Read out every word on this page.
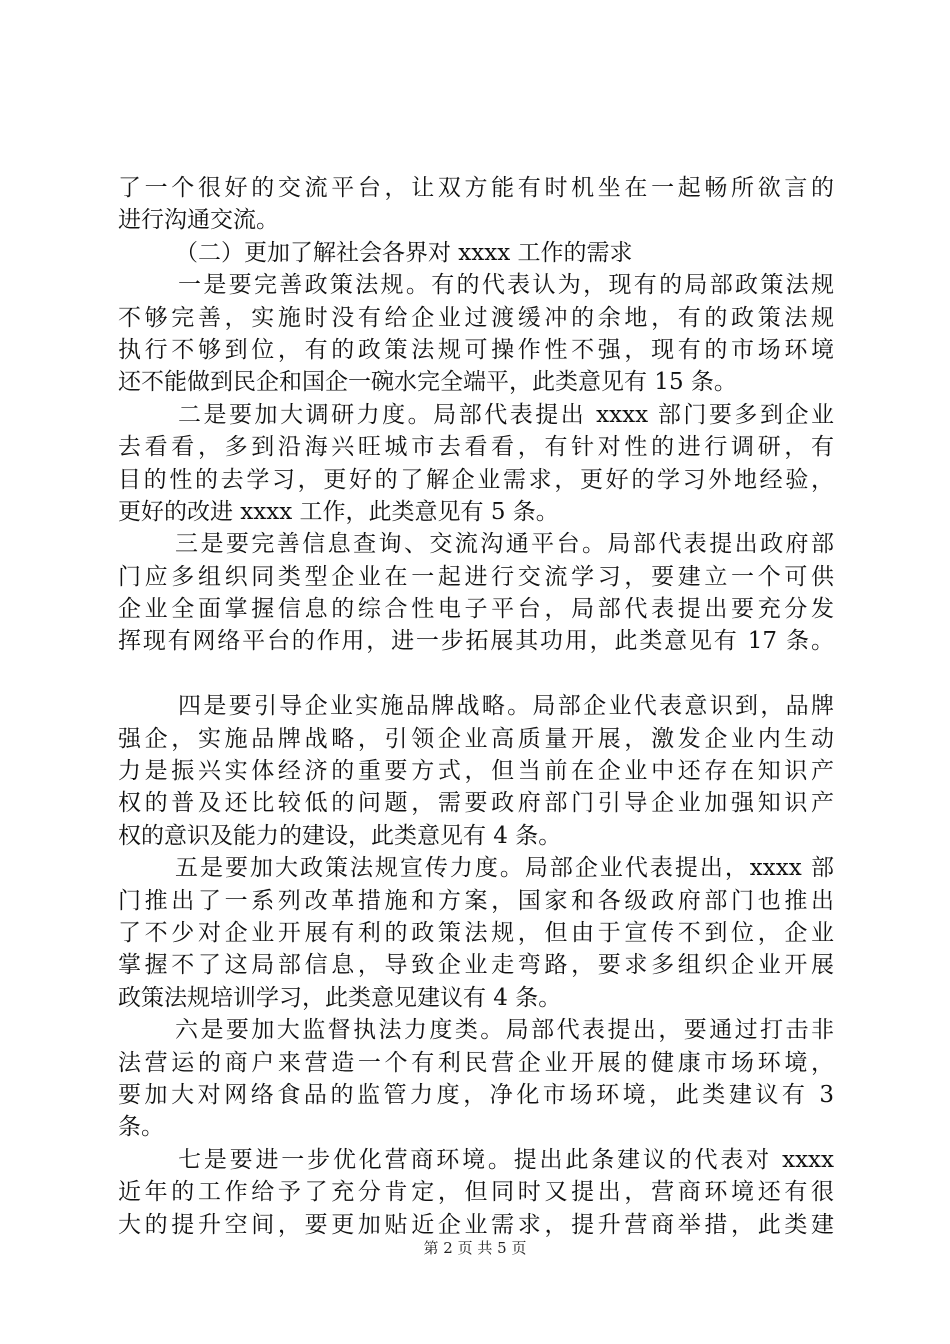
了一个很好的交流平台，让双方能有时机坐在一起畅所欲言的
进行沟通交流。
（二）更加了解社会各界对 xxxx 工作的需求
一是要完善政策法规。有的代表认为，现有的局部政策法规
不够完善，实施时没有给企业过渡缓冲的余地，有的政策法规
执行不够到位，有的政策法规可操作性不强，现有的市场环境
还不能做到民企和国企一碗水完全端平，此类意见有 15 条。
二是要加大调研力度。局部代表提出 xxxx 部门要多到企业
去看看，多到沿海兴旺城市去看看，有针对性的进行调研，有
目的性的去学习，更好的了解企业需求，更好的学习外地经验，
更好的改进 xxxx 工作，此类意见有 5 条。
三是要完善信息查询、交流沟通平台。局部代表提出政府部
门应多组织同类型企业在一起进行交流学习，要建立一个可供
企业全面掌握信息的综合性电子平台，局部代表提出要充分发
挥现有网络平台的作用，进一步拓展其功用，此类意见有 17 条。
四是要引导企业实施品牌战略。局部企业代表意识到，品牌
强企，实施品牌战略，引领企业高质量开展，激发企业内生动
力是振兴实体经济的重要方式，但当前在企业中还存在知识产
权的普及还比较低的问题，需要政府部门引导企业加强知识产
权的意识及能力的建设，此类意见有 4 条。
五是要加大政策法规宣传力度。局部企业代表提出，xxxx 部
门推出了一系列改革措施和方案，国家和各级政府部门也推出
了不少对企业开展有利的政策法规，但由于宣传不到位，企业
掌握不了这局部信息，导致企业走弯路，要求多组织企业开展
政策法规培训学习，此类意见建议有 4 条。
六是要加大监督执法力度类。局部代表提出，要通过打击非
法营运的商户来营造一个有利民营企业开展的健康市场环境，
要加大对网络食品的监管力度，净化市场环境，此类建议有 3
条。
七是要进一步优化营商环境。提出此条建议的代表对 xxxx
近年的工作给予了充分肯定，但同时又提出，营商环境还有很
大的提升空间，要更加贴近企业需求，提升营商举措，此类建
第 2 页 共 5 页
